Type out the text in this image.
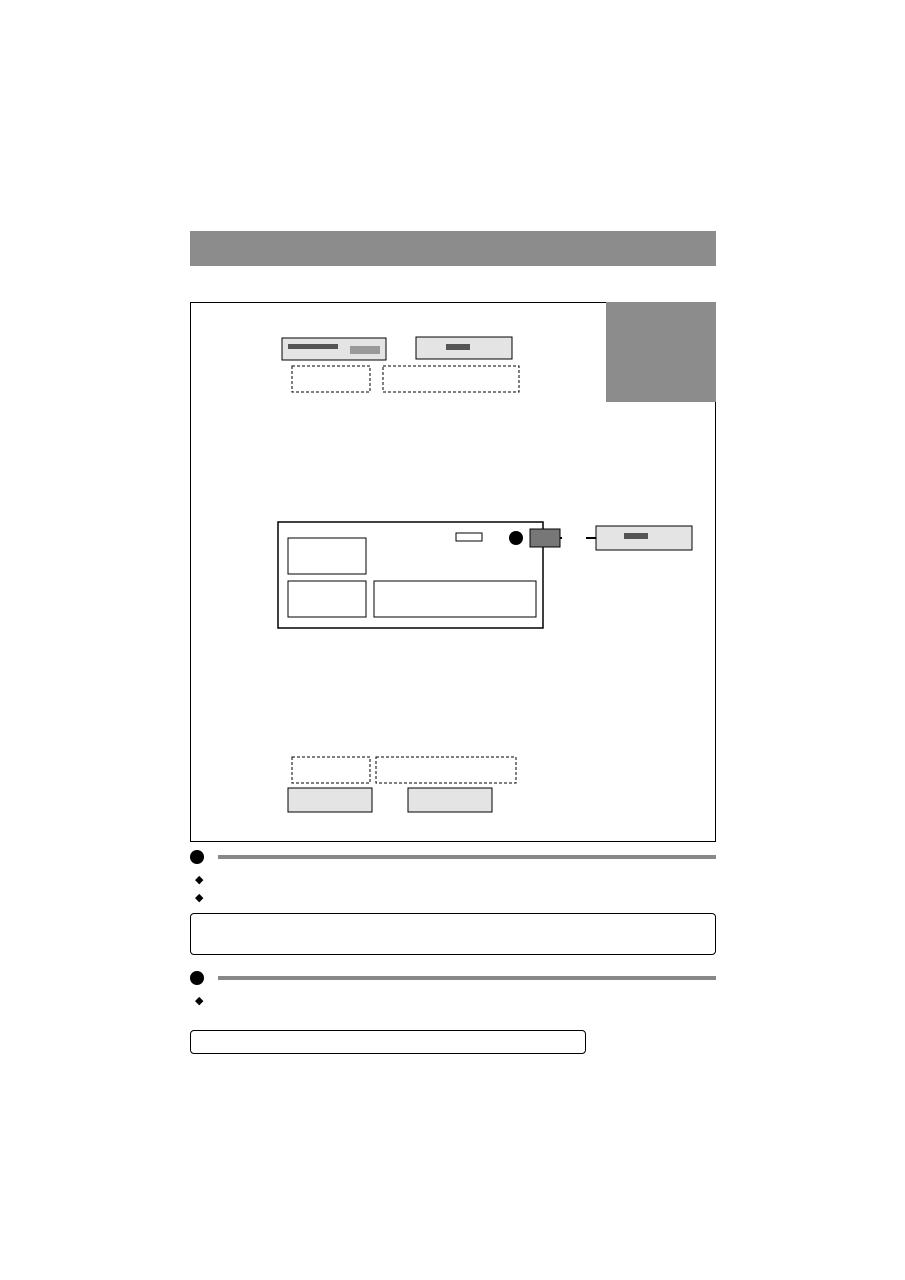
◆
◆
◆
